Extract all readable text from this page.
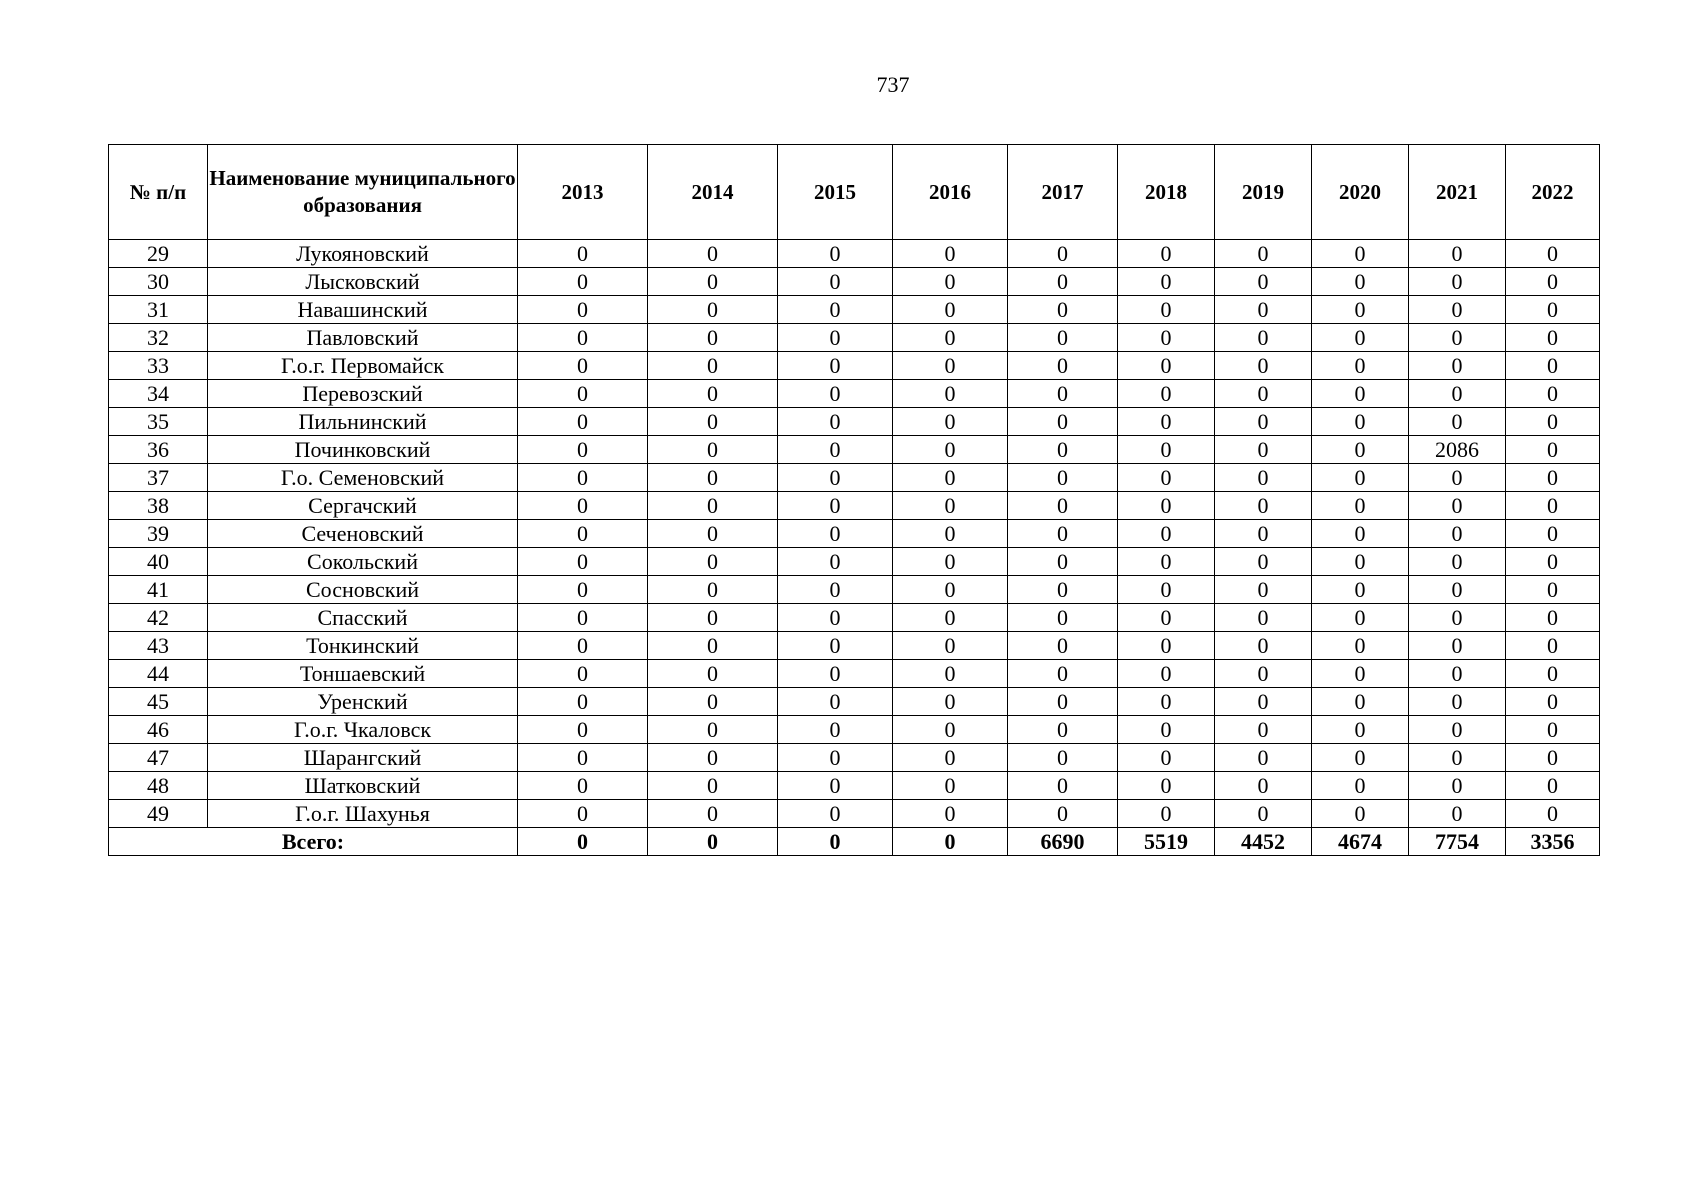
737
№ п/п	Наименование муниципального образования	2013	2014	2015	2016	2017	2018	2019	2020	2021	2022
29	Лукояновский	0	0	0	0	0	0	0	0	0	0
30	Лысковский	0	0	0	0	0	0	0	0	0	0
31	Навашинский	0	0	0	0	0	0	0	0	0	0
32	Павловский	0	0	0	0	0	0	0	0	0	0
33	Г.о.г. Первомайск	0	0	0	0	0	0	0	0	0	0
34	Перевозский	0	0	0	0	0	0	0	0	0	0
35	Пильнинский	0	0	0	0	0	0	0	0	0	0
36	Починковский	0	0	0	0	0	0	0	0	2086	0
37	Г.о. Семеновский	0	0	0	0	0	0	0	0	0	0
38	Сергачский	0	0	0	0	0	0	0	0	0	0
39	Сеченовский	0	0	0	0	0	0	0	0	0	0
40	Сокольский	0	0	0	0	0	0	0	0	0	0
41	Сосновский	0	0	0	0	0	0	0	0	0	0
42	Спасский	0	0	0	0	0	0	0	0	0	0
43	Тонкинский	0	0	0	0	0	0	0	0	0	0
44	Тоншаевский	0	0	0	0	0	0	0	0	0	0
45	Уренский	0	0	0	0	0	0	0	0	0	0
46	Г.о.г. Чкаловск	0	0	0	0	0	0	0	0	0	0
47	Шарангский	0	0	0	0	0	0	0	0	0	0
48	Шатковский	0	0	0	0	0	0	0	0	0	0
49	Г.о.г. Шахунья	0	0	0	0	0	0	0	0	0	0
Всего:		0	0	0	0	6690	5519	4452	4674	7754	3356
